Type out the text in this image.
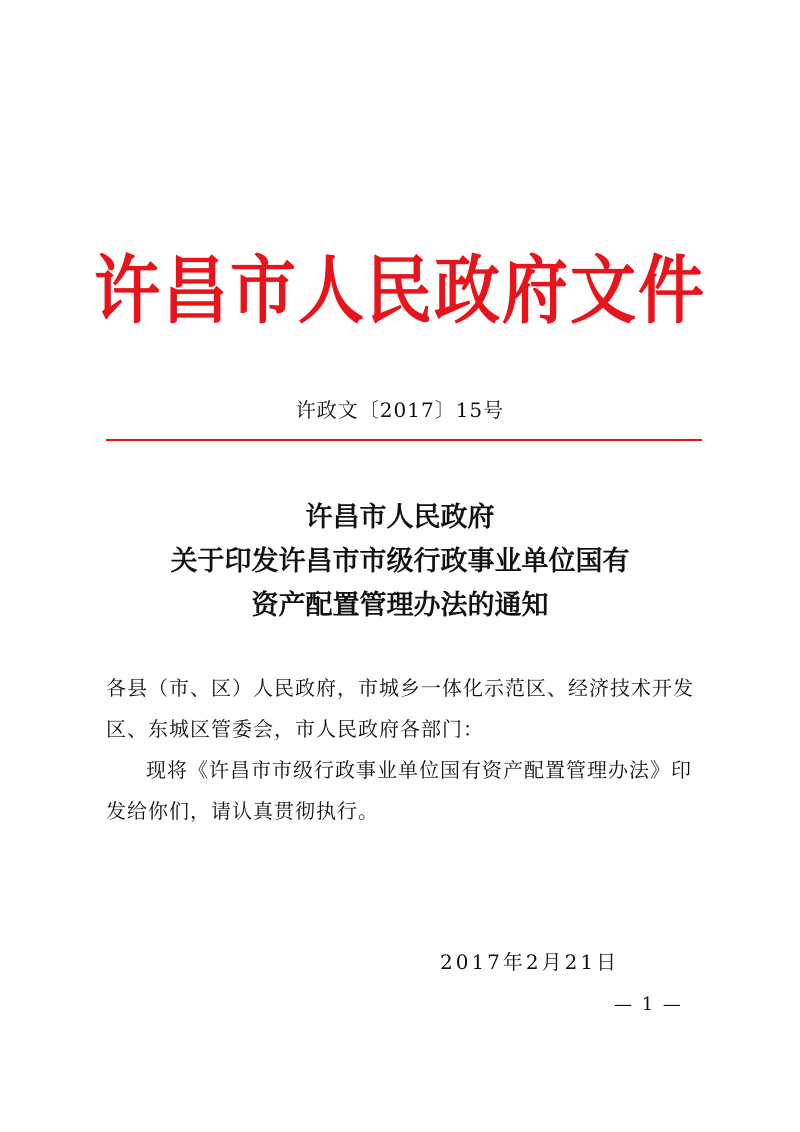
许昌市人民政府文件
许政文〔2017〕15号
许昌市人民政府
关于印发许昌市市级行政事业单位国有
资产配置管理办法的通知

各县（市、区）人民政府，市城乡一体化示范区、经济技术开发区、东城区管委会，市人民政府各部门：

现将《许昌市市级行政事业单位国有资产配置管理办法》印发给你们，请认真贯彻执行。

2017年2月21日
— 1 —
